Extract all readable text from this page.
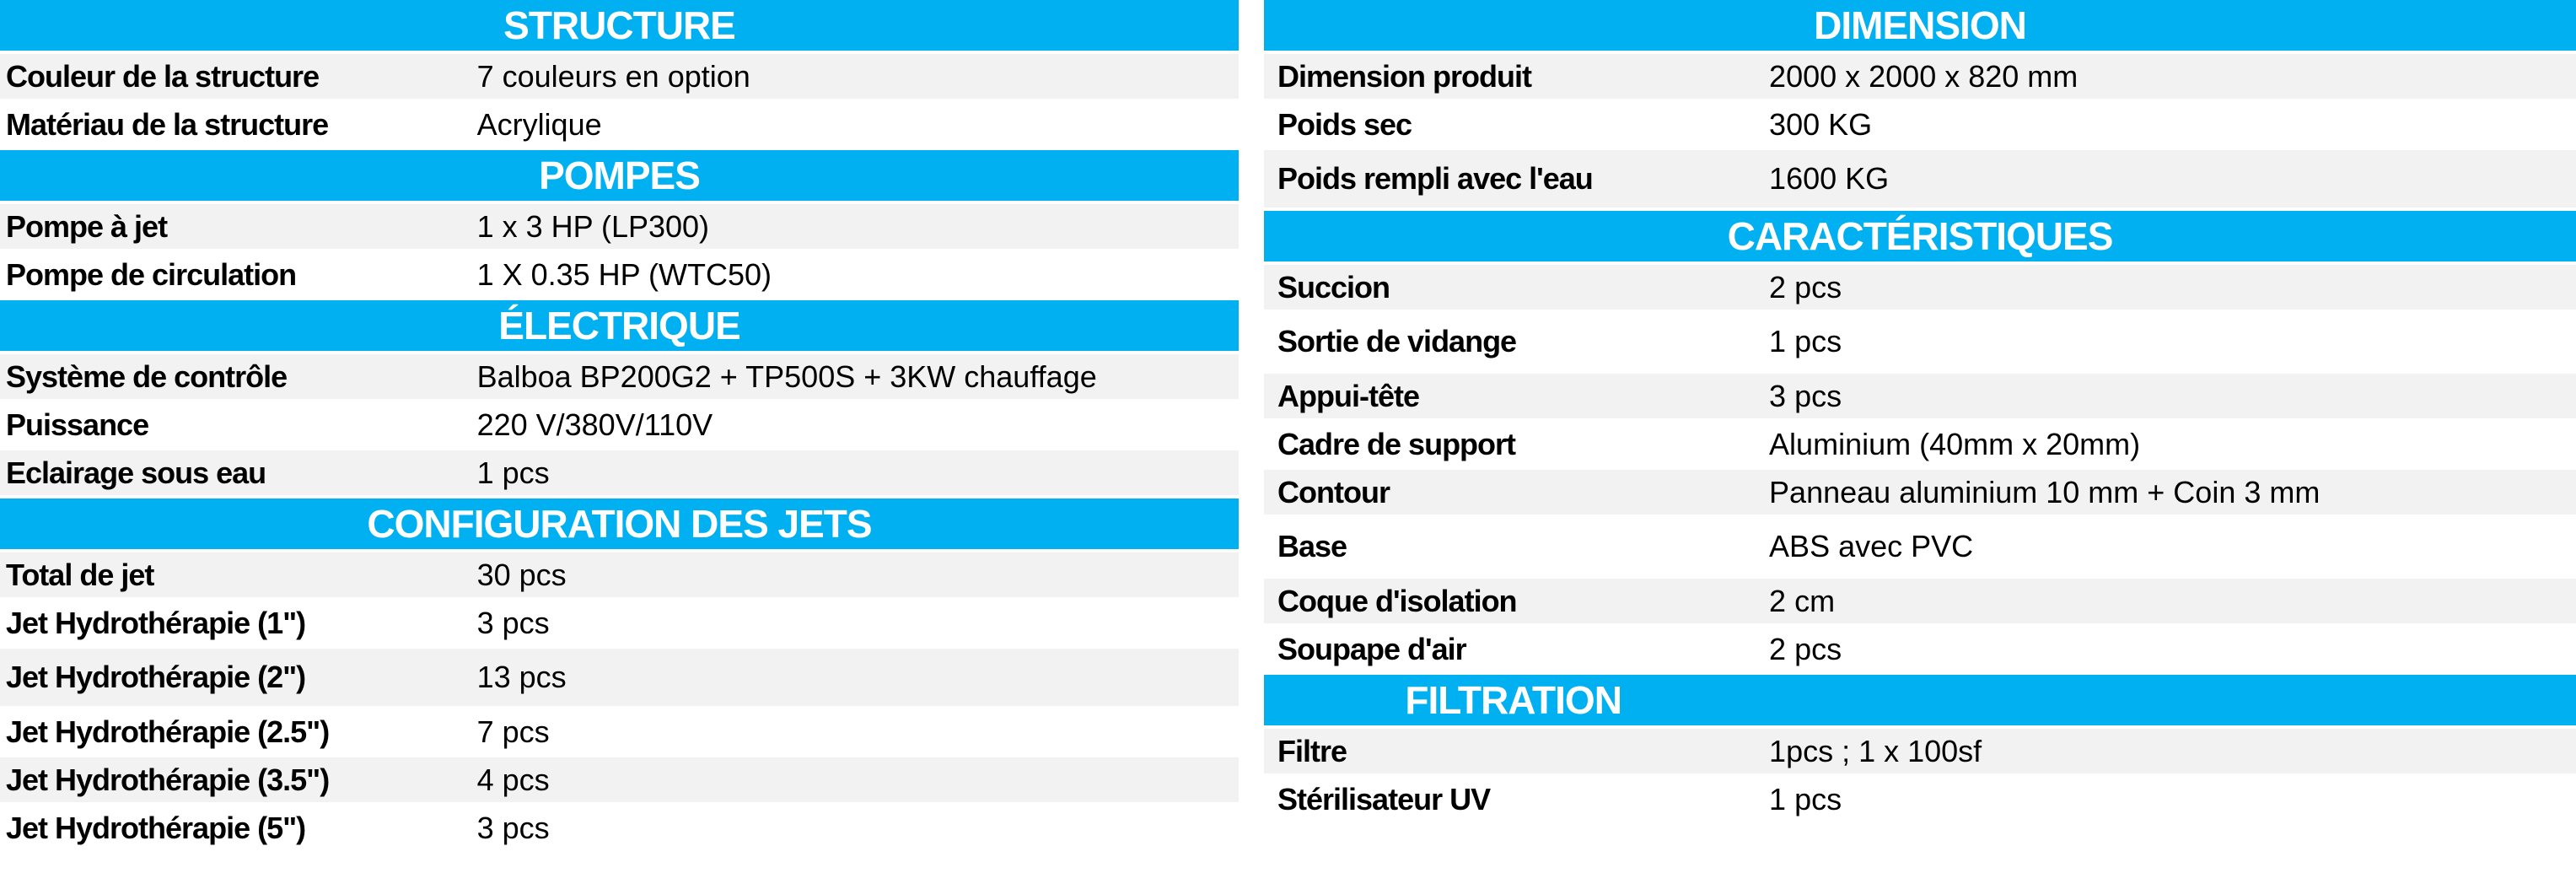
STRUCTURE
Couleur de la structure	7 couleurs en option
Matériau de la structure	Acrylique
POMPES
Pompe à jet	1 x 3 HP (LP300)
Pompe de circulation	1 X 0.35 HP (WTC50)
ÉLECTRIQUE
Système de contrôle	Balboa BP200G2 + TP500S + 3KW chauffage
Puissance	220 V/380V/110V
Eclairage sous eau	1 pcs
CONFIGURATION DES JETS
Total de jet	30 pcs
Jet Hydrothérapie (1")	3 pcs
Jet Hydrothérapie (2")	13 pcs
Jet Hydrothérapie (2.5")	7 pcs
Jet Hydrothérapie (3.5")	4 pcs
Jet Hydrothérapie (5")	3 pcs
DIMENSION
Dimension produit	2000 x 2000 x 820 mm
Poids sec	300 KG
Poids rempli avec l'eau	1600 KG
CARACTÉRISTIQUES
Succion	2 pcs
Sortie de vidange	1 pcs
Appui-tête	3 pcs
Cadre de support	Aluminium (40mm x 20mm)
Contour	Panneau aluminium 10 mm + Coin 3 mm
Base	ABS avec PVC
Coque d'isolation	2 cm
Soupape d'air	2 pcs
FILTRATION
Filtre	1pcs ; 1 x 100sf
Stérilisateur UV	1 pcs
